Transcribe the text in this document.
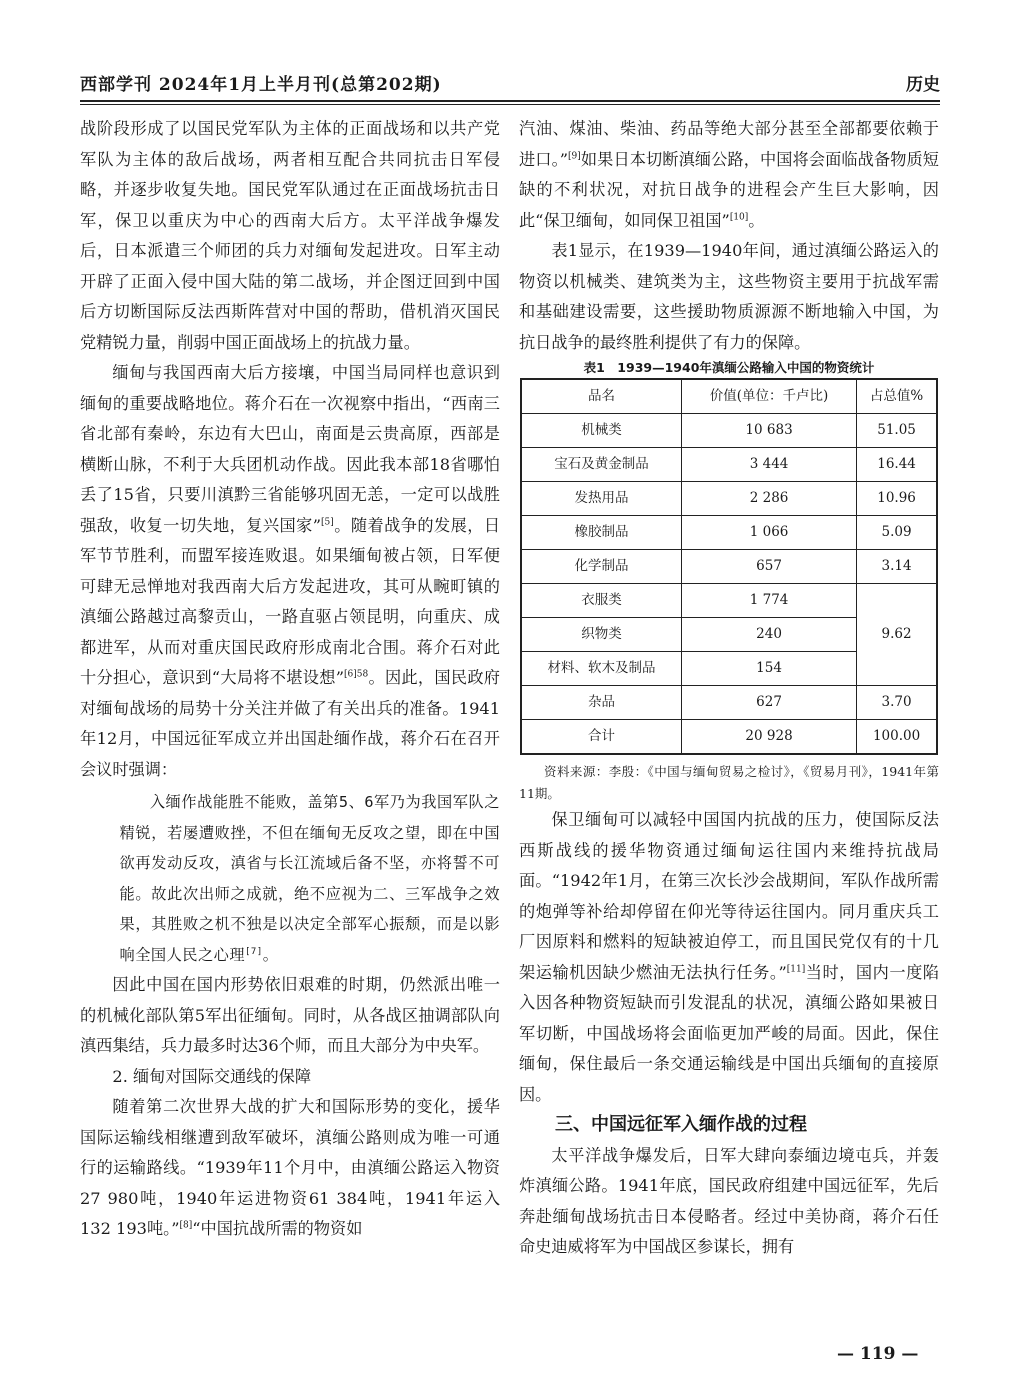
西部学刊 2024年1月上半月刊(总第202期)	历史

战阶段形成了以国民党军队为主体的正面战场和以共产党军队为主体的敌后战场，两者相互配合共同抗击日军侵略，并逐步收复失地。国民党军队通过在正面战场抗击日军，保卫以重庆为中心的西南大后方。太平洋战争爆发后，日本派遣三个师团的兵力对缅甸发起进攻。日军主动开辟了正面入侵中国大陆的第二战场，并企图迂回到中国后方切断国际反法西斯阵营对中国的帮助，借机消灭国民党精锐力量，削弱中国正面战场上的抗战力量。

缅甸与我国西南大后方接壤，中国当局同样也意识到缅甸的重要战略地位。蒋介石在一次视察中指出，“西南三省北部有秦岭，东边有大巴山，南面是云贵高原，西部是横断山脉，不利于大兵团机动作战。因此我本部18省哪怕丢了15省，只要川滇黔三省能够巩固无恙，一定可以战胜强敌，收复一切失地，复兴国家”[5]。随着战争的发展，日军节节胜利，而盟军接连败退。如果缅甸被占领，日军便可肆无忌惮地对我西南大后方发起进攻，其可从畹町镇的滇缅公路越过高黎贡山，一路直驱占领昆明，向重庆、成都进军，从而对重庆国民政府形成南北合围。蒋介石对此十分担心，意识到“大局将不堪设想”$^{[6]58}$。因此，国民政府对缅甸战场的局势十分关注并做了有关出兵的准备。1941年12月，中国远征军成立并出国赴缅作战，蒋介石在召开会议时强调：

入缅作战能胜不能败，盖第5、6军乃为我国军队之精锐，若屡遭败挫，不但在缅甸无反攻之望，即在中国欲再发动反攻，滇省与长江流域后备不坚，亦将誓不可能。故此次出师之成就，绝不应视为二、三军战争之效果，其胜败之机不独是以决定全部军心振颓，而是以影响全国人民之心理[7]。

因此中国在国内形势依旧艰难的时期，仍然派出唯一的机械化部队第5军出征缅甸。同时，从各战区抽调部队向滇西集结，兵力最多时达36个师，而且大部分为中央军。

2. 缅甸对国际交通线的保障

随着第二次世界大战的扩大和国际形势的变化，援华国际运输线相继遭到敌军破坏，滇缅公路则成为唯一可通行的运输路线。“1939年11个月中，由滇缅公路运入物资27 980吨，1940年运进物资61 384吨，1941年运入132 193吨。”[8]“中国抗战所需的物资如

汽油、煤油、柴油、药品等绝大部分甚至全部都要依赖于进口。”[9]如果日本切断滇缅公路，中国将会面临战备物质短缺的不利状况，对抗日战争的进程会产生巨大影响，因此“保卫缅甸，如同保卫祖国”[10]。

表1显示，在1939—1940年间，通过滇缅公路运入的物资以机械类、建筑类为主，这些物资主要用于抗战军需和基础建设需要，这些援助物质源源不断地输入中国，为抗日战争的最终胜利提供了有力的保障。

表1　1939—1940年滇缅公路输入中国的物资统计

品名	价值(单位：千卢比)	占总值%
机械类	10 683	51.05
宝石及黄金制品	3 444	16.44
发热用品	2 286	10.96
橡胶制品	1 066	5.09
化学制品	657	3.14
衣服类	1 774	9.62
织物类	240	
材料、软木及制品	154	
杂品	627	3.70
合计	20 928	100.00

资料来源：李殷：《中国与缅甸贸易之检讨》，《贸易月刊》，1941年第11期。

保卫缅甸可以减轻中国国内抗战的压力，使国际反法西斯战线的援华物资通过缅甸运往国内来维持抗战局面。“1942年1月，在第三次长沙会战期间，军队作战所需的炮弹等补给却停留在仰光等待运往国内。同月重庆兵工厂因原料和燃料的短缺被迫停工，而且国民党仅有的十几架运输机因缺少燃油无法执行任务。”[11]当时，国内一度陷入因各种物资短缺而引发混乱的状况，滇缅公路如果被日军切断，中国战场将会面临更加严峻的局面。因此，保住缅甸，保住最后一条交通运输线是中国出兵缅甸的直接原因。

三、中国远征军入缅作战的过程

太平洋战争爆发后，日军大肆向泰缅边境屯兵，并轰炸滇缅公路。1941年底，国民政府组建中国远征军，先后奔赴缅甸战场抗击日本侵略者。经过中美协商，蒋介石任命史迪威将军为中国战区参谋长，拥有

— 119 —
